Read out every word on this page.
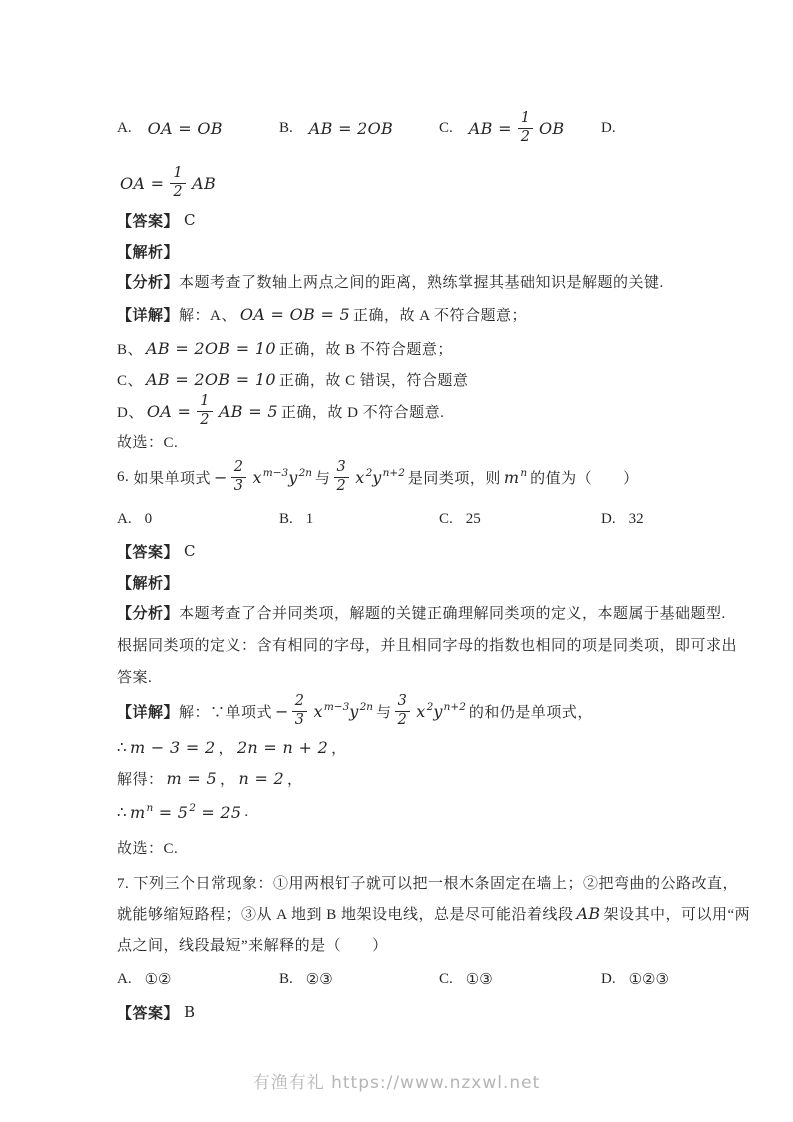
A. OA = OB	B. AB = 2OB	C. AB = $\frac{1}{2}$ OB D.
OA = $\frac{1}{2}$ AB
【答案】 C
【解析】
【分析】 本题考查了数轴上两点之间的距离，熟练掌握其基础知识是解题的关键.
【详解】 解：A、 OA = OB = 5 正确，故 A 不符合题意；
B、 AB = 2OB = 10 正确，故 B 不符合题意；
C、 AB = 2OB = 10 正确，故 C 错误，符合题意
D、 OA = $\frac{1}{2}$ AB = 5 正确，故 D 不符合题意.
故选：C.
6.
如果单项式 − $\frac{2}{3} x^{m-3}y^{2n}$ 与 $\frac{3}{2} x^2y^{n+2}$ 是同类项，则 $m^n$ 的值为（　　）
A. 0	B. 1	C. 25	D. 32
【答案】 C
【解析】
【分析】 本题考查了合并同类项，解题的关键正确理解同类项的定义，本题属于基础题型.
根据同类项的定义：含有相同的字母，并且相同字母的指数也相同的项是同类项，即可求出
答案.
【详解】 解：∵单项式 − $\frac{2}{3} x^{m-3}y^{2n}$ 与 $\frac{3}{2} x^2y^{n+2}$ 的和仍是单项式，
∴ m − 3 = 2 ， 2n = n + 2 ，
解得： m = 5 ， n = 2 ，
∴ $m^n = 5^2 = 25$ .
故选：C.
7. 下列三个日常现象：①用两根钉子就可以把一根木条固定在墙上；②把弯曲的公路改直，
就能够缩短路程；③从 A 地到 B 地架设电线，总是尽可能沿着线段 AB 架设其中，可以用“两
点之间，线段最短”来解释的是（　　）
A. ①②	B. ②③	C. ①③	D. ①②③
【答案】 B
有渔有礼 https://www.nzxwl.net
